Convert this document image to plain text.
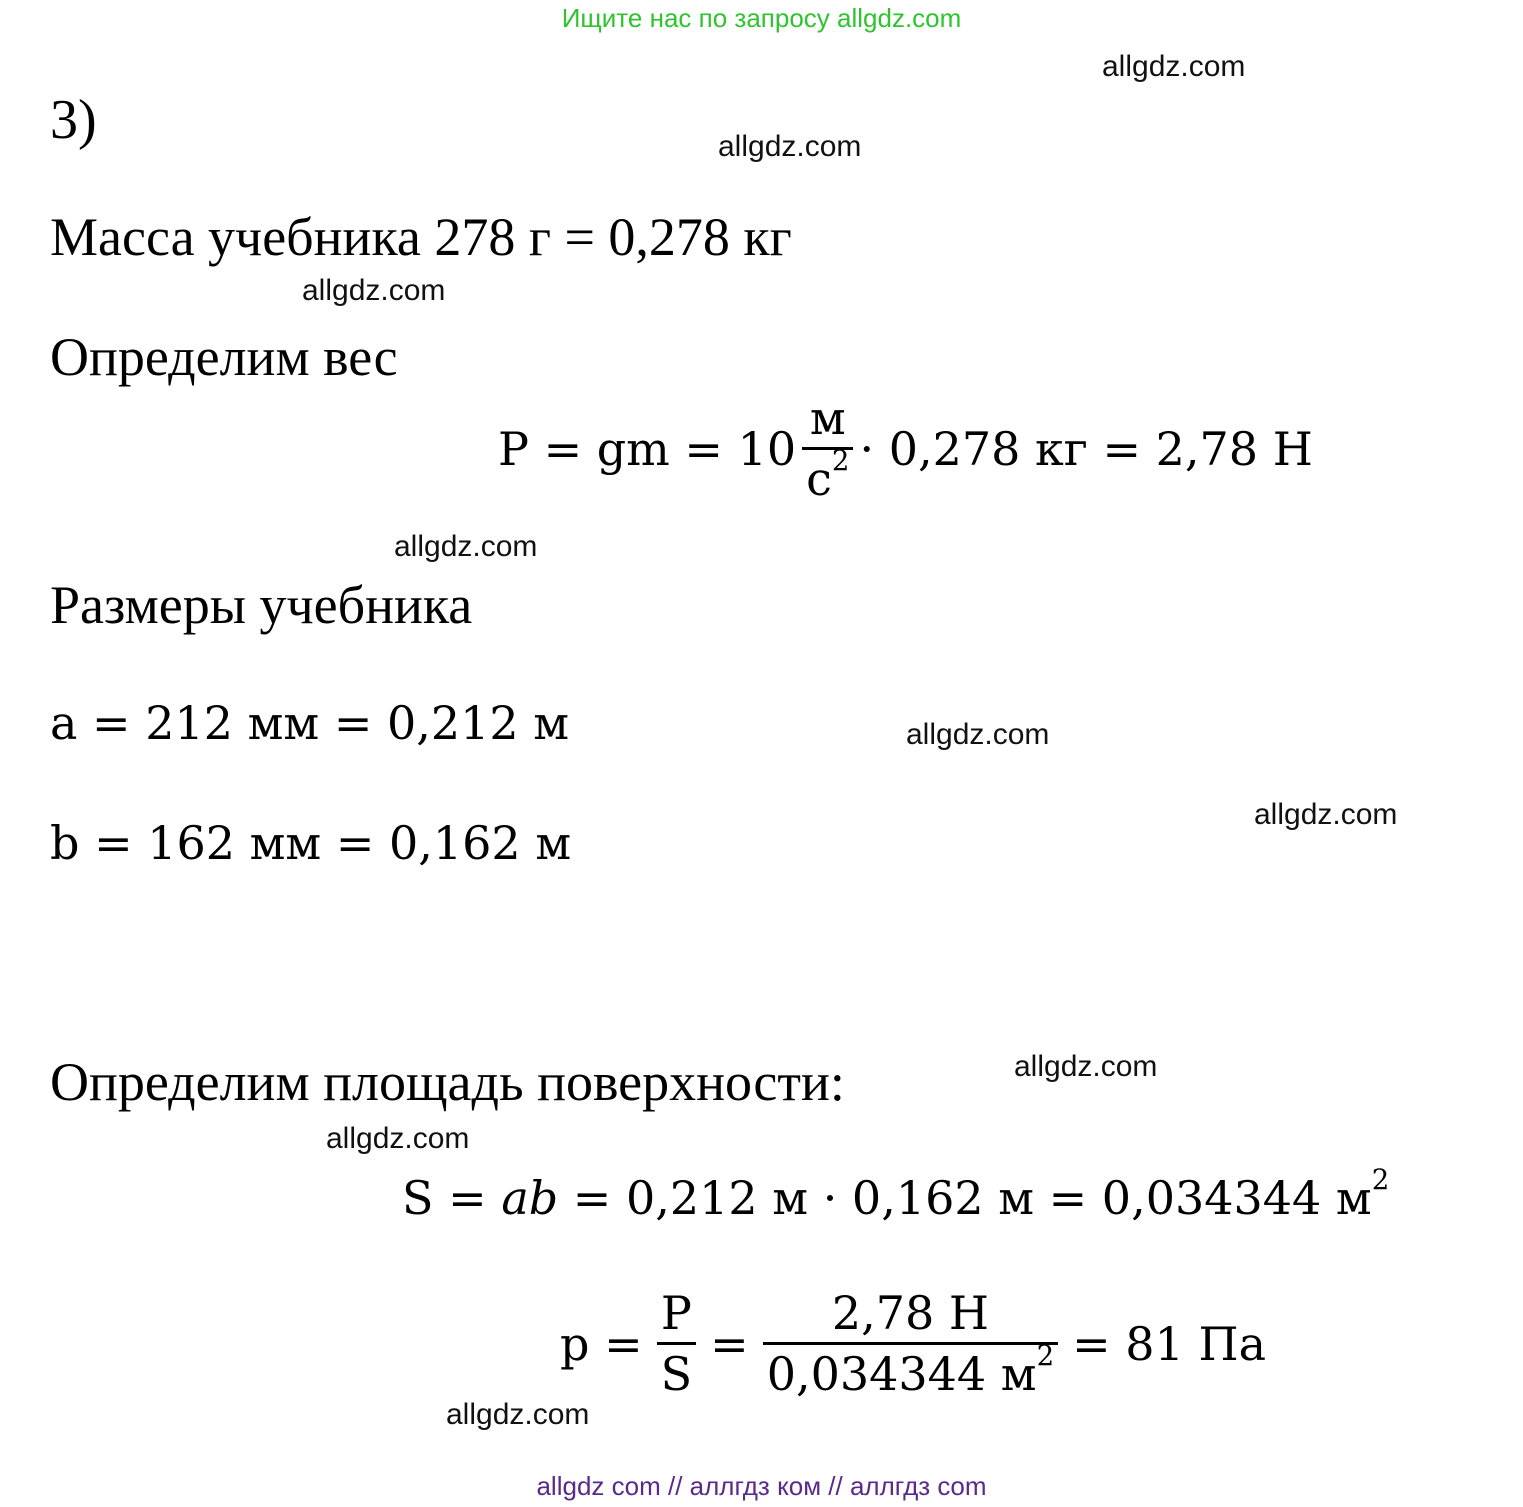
Ищите нас по запросу allgdz.com
3)
Масса учебника 278 г = 0,278 кг
Определим вес
P = gm = $10 \frac{м}{с^2} \cdot 0,278$ кг = 2,78 Н
Размеры учебника
a = 212 мм = 0,212 м
b = 162 мм = 0,162 м
Определим площадь поверхности:
S = ab = 0,212 м · 0,162 м = 0,034344 $м^2$
$p = \frac{P}{S} = \frac{2,78 Н}{0,034344 м^2} = 81$ Па
allgdz.com
allgdz.com
allgdz.com
allgdz.com
allgdz.com
allgdz.com
allgdz.com
allgdz.com
allgdz.com
allgdz com // аллгдз ком // аллгдз com
